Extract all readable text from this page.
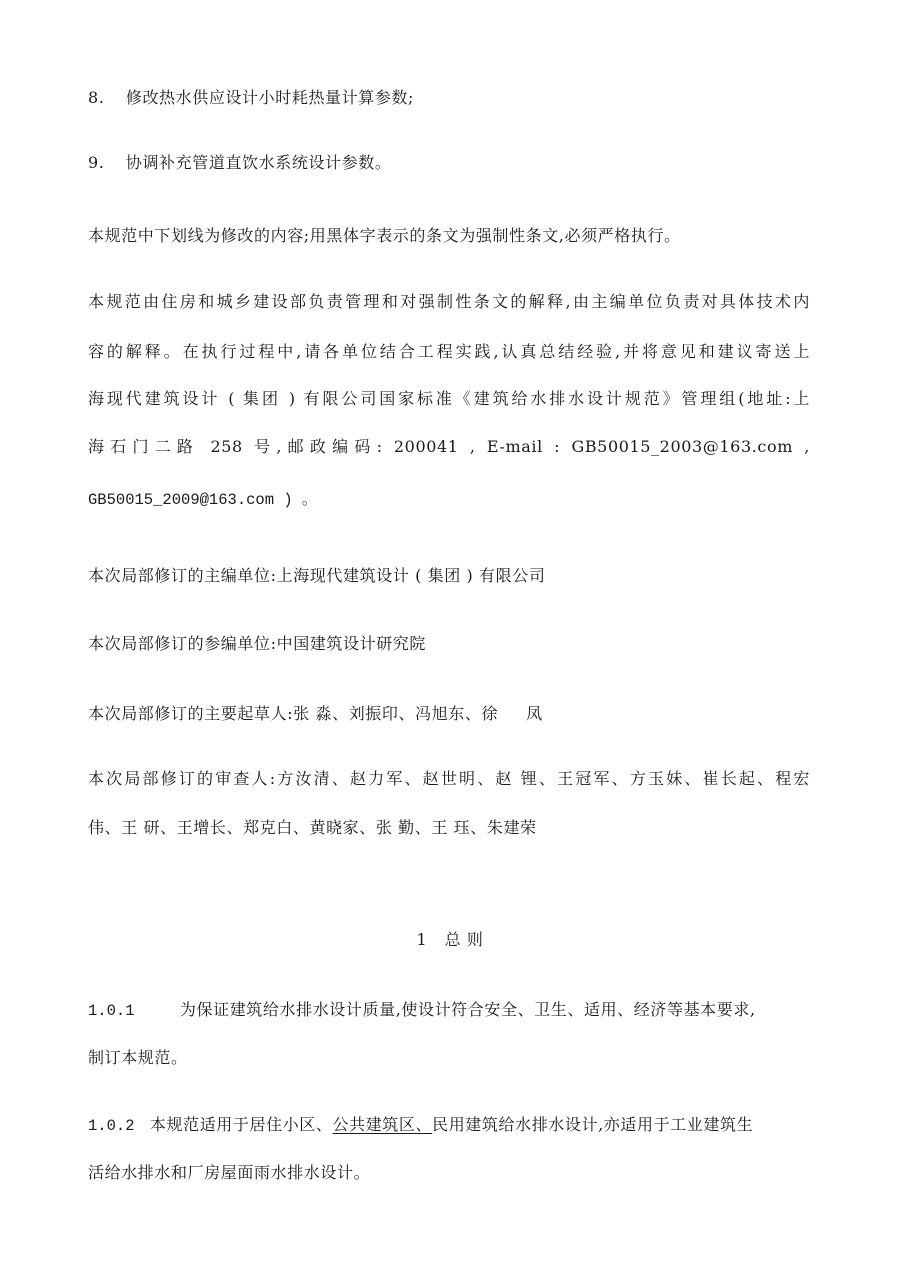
8. 修改热水供应设计小时耗热量计算参数;
9. 协调补充管道直饮水系统设计参数。
本规范中下划线为修改的内容;用黑体字表示的条文为强制性条文,必须严格执行。
本规范由住房和城乡建设部负责管理和对强制性条文的解释,由主编单位负责对具体技术内
容的解释。在执行过程中,请各单位结合工程实践,认真总结经验,并将意见和建议寄送上
海现代建筑设计 ( 集团 ) 有限公司国家标准《建筑给水排水设计规范》管理组(地址:上
海石门二路 258 号,邮政编码: 200041 , E-mail : GB50015_2003@163.com ,
GB50015_2009@163.com ) 。
本次局部修订的主编单位:上海现代建筑设计 ( 集团 ) 有限公司
本次局部修订的参编单位:中国建筑设计研究院
本次局部修订的主要起草人:张 淼、刘振印、冯旭东、徐 凤
本次局部修订的审查人:方汝清、赵力军、赵世明、赵 锂、王冠军、方玉妹、崔长起、程宏
伟、王 研、王增长、郑克白、黄晓家、张 勤、王 珏、朱建荣
1 总 则
1.0.1	为保证建筑给水排水设计质量,使设计符合安全、卫生、适用、经济等基本要求,
制订本规范。
1.0.2 本规范适用于居住小区、公共建筑区、民用建筑给水排水设计,亦适用于工业建筑生
活给水排水和厂房屋面雨水排水设计。
